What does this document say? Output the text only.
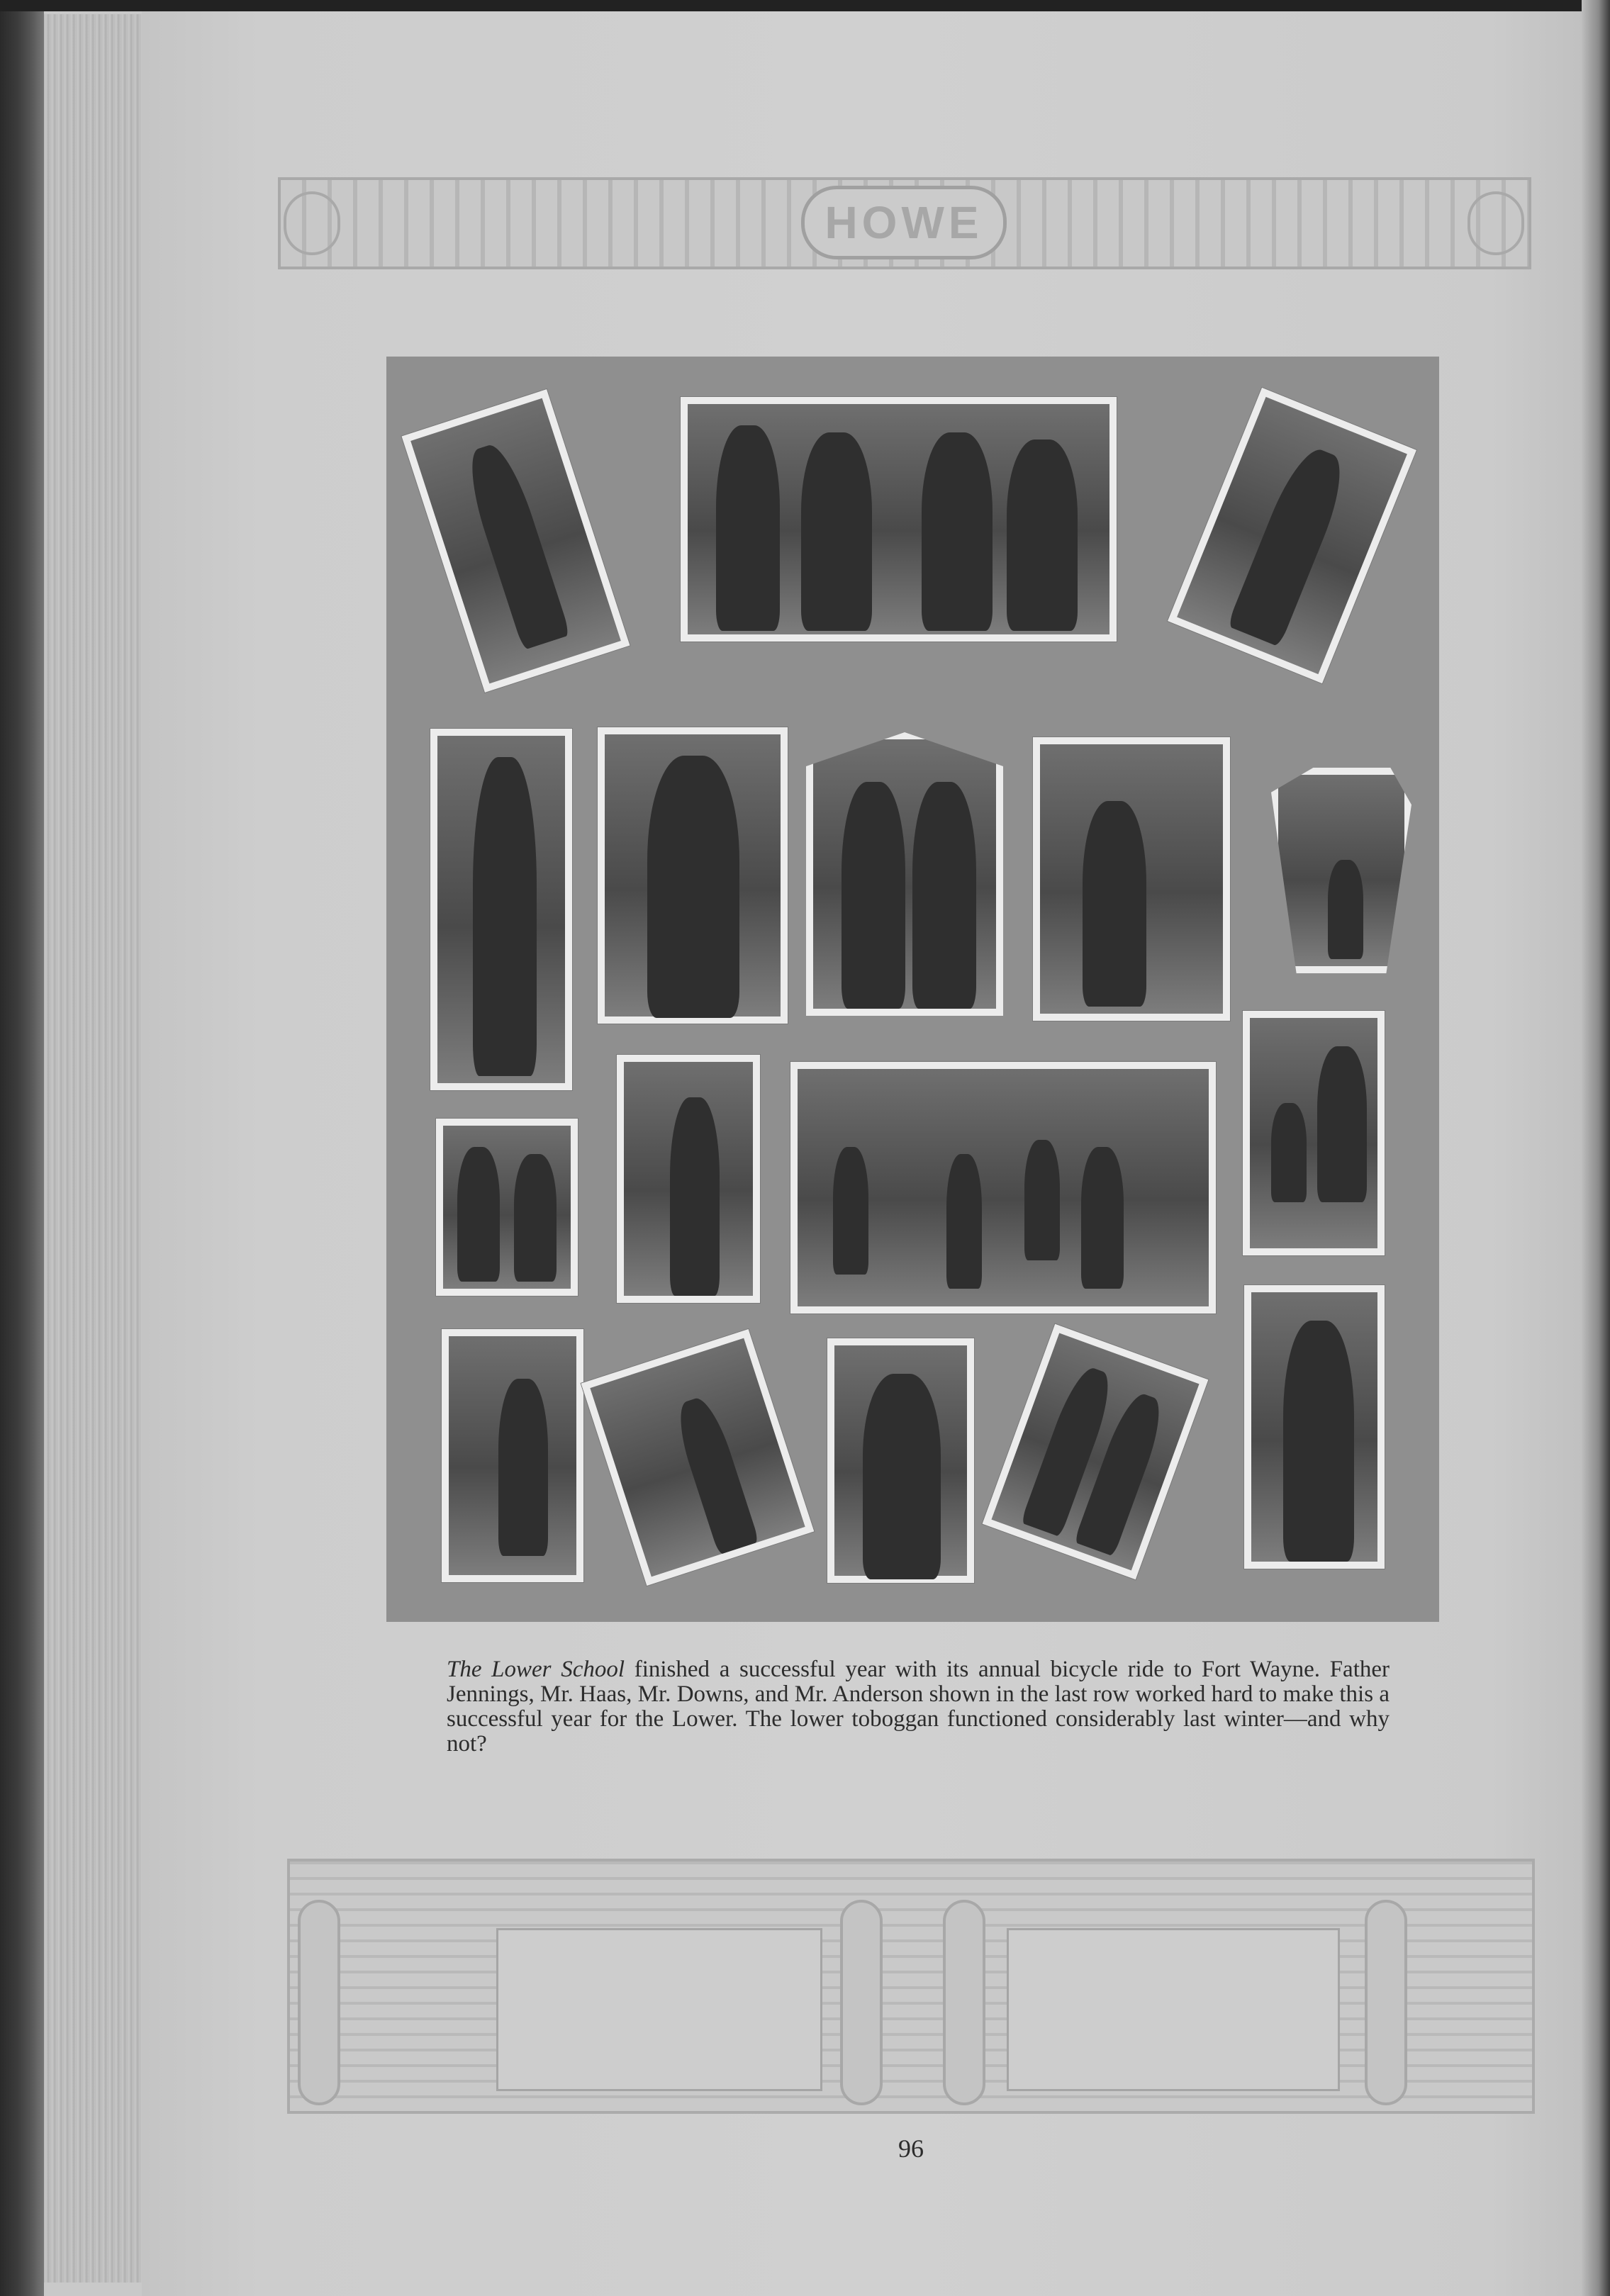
HOWE
The Lower School finished a successful year with its annual bicycle ride to Fort Wayne. Father Jennings, Mr. Haas, Mr. Downs, and Mr. Anderson shown in the last row worked hard to make this a successful year for the Lower. The lower toboggan functioned considerably last winter—and why not?
96
